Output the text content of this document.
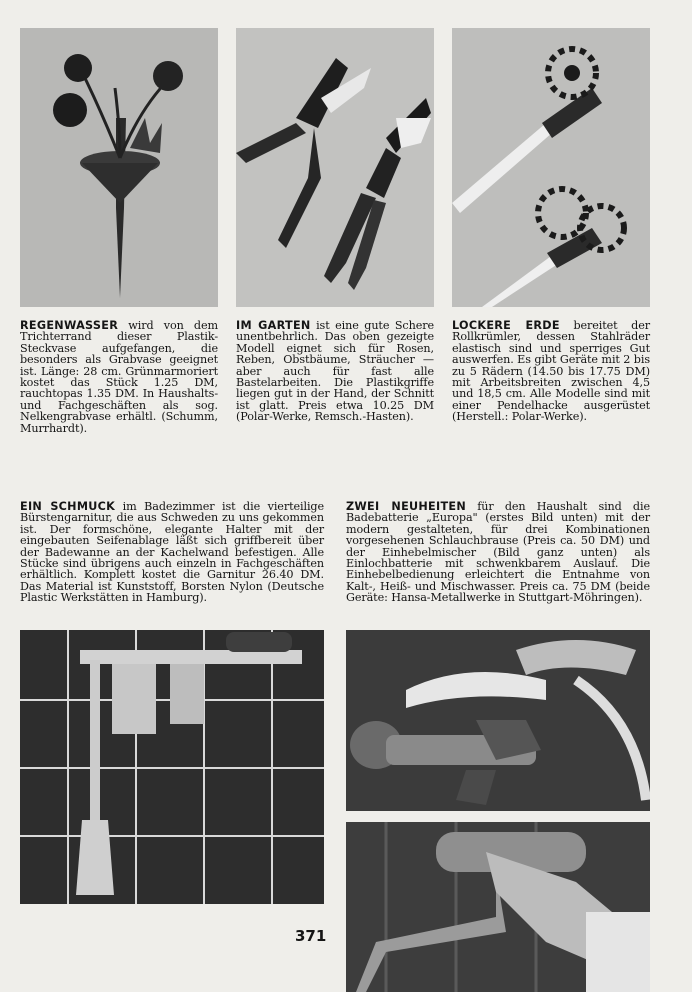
REGENWASSER wird von dem Trichterrand dieser Plastik-Steckvase aufgefangen, die besonders als Grabvase geeignet ist. Länge: 28 cm. Grünmarmoriert kostet das Stück 1.25 DM, rauchtopas 1.35 DM. In Haushalts- und Fachgeschäften als sog. Nelkengrabvase erhältl. (Schumm, Murrhardt).

IM GARTEN ist eine gute Schere unentbehrlich. Das oben gezeigte Modell eignet sich für Rosen, Reben, Obstbäume, Sträucher — aber auch für fast alle Bastelarbeiten. Die Plastikgriffe liegen gut in der Hand, der Schnitt ist glatt. Preis etwa 10.25 DM (Polar-Werke, Remsch.-Hasten).

LOCKERE ERDE bereitet der Rollkrümler, dessen Stahlräder elastisch sind und sperriges Gut auswerfen. Es gibt Geräte mit 2 bis zu 5 Rädern (14.50 bis 17.75 DM) mit Arbeitsbreiten zwischen 4,5 und 18,5 cm. Alle Modelle sind mit einer Pendelhacke ausgerüstet (Herstell.: Polar-Werke).

EIN SCHMUCK im Badezimmer ist die vierteilige Bürstengarnitur, die aus Schweden zu uns gekommen ist. Der formschöne, elegante Halter mit der eingebauten Seifenablage läßt sich griffbereit über der Badewanne an der Kachelwand befestigen. Alle Stücke sind übrigens auch einzeln in Fachgeschäften erhältlich. Komplett kostet die Garnitur 26.40 DM. Das Material ist Kunststoff, Borsten Nylon (Deutsche Plastic Werkstätten in Hamburg).

ZWEI NEUHEITEN für den Haushalt sind die Badebatterie „Europa" (erstes Bild unten) mit der modern gestalteten, für drei Kombinationen vorgesehenen Schlauchbrause (Preis ca. 50 DM) und der Einhebelmischer (Bild ganz unten) als Einlochbatterie mit schwenkbarem Auslauf. Die Einhebelbedienung erleichtert die Entnahme von Kalt-, Heiß- und Mischwasser. Preis ca. 75 DM (beide Geräte: Hansa-Metallwerke in Stuttgart-Möhringen).

371
